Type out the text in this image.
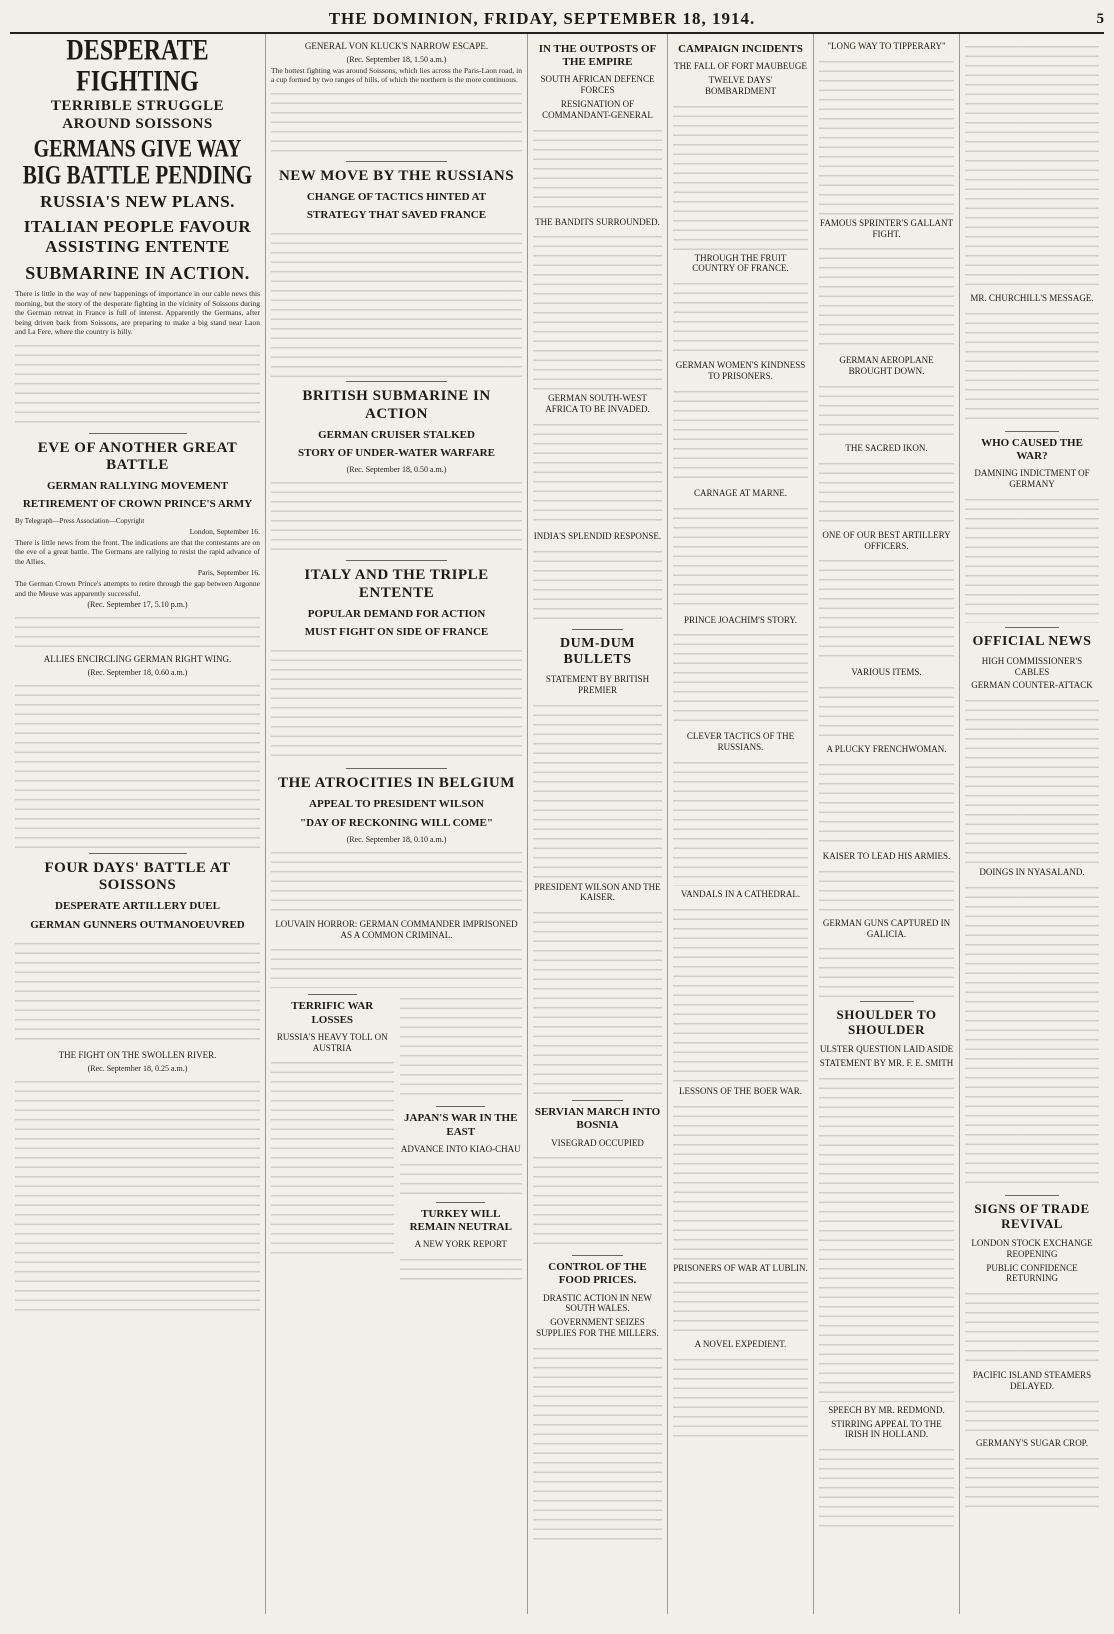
THE DOMINION, FRIDAY, SEPTEMBER 18, 1914.	5
DESPERATE FIGHTING
TERRIBLE STRUGGLE AROUND SOISSONS
GERMANS GIVE WAY
BIG BATTLE PENDING
RUSSIA'S NEW PLANS.
ITALIAN PEOPLE FAVOUR ASSISTING ENTENTE
SUBMARINE IN ACTION.
There is little in the way of new happenings of importance in our cable news this morning, but the story of the desperate fighting in the vicinity of Soissons during the German retreat in France is full of interest. Apparently the Germans, after being driven back from Soissons, are preparing to make a big stand near Laon and La Fere, where the country is hilly.
EVE OF ANOTHER GREAT BATTLE
GERMAN RALLYING MOVEMENT
RETIREMENT OF CROWN PRINCE'S ARMY
By Telegraph—Press Association—Copyright
London, September 16.
There is little news from the front. The indications are that the contestants are on the eve of a great battle. The Germans are rallying to resist the rapid advance of the Allies.
Paris, September 16.
The German Crown Prince's attempts to retire through the gap between Argonne and the Meuse was apparently successful.
(Rec. September 17, 5.10 p.m.)
ALLIES ENCIRCLING GERMAN RIGHT WING.
(Rec. September 18, 0.60 a.m.)
FOUR DAYS' BATTLE AT SOISSONS
DESPERATE ARTILLERY DUEL
GERMAN GUNNERS OUTMANOEUVRED
THE FIGHT ON THE SWOLLEN RIVER.
(Rec. September 18, 0.25 a.m.)
GENERAL VON KLUCK'S NARROW ESCAPE.
(Rec. September 18, 1.50 a.m.)
The hottest fighting was around Soissons, which lies across the Paris-Laon road, in a cup formed by two ranges of hills, of which the northern is the more continuous.
NEW MOVE BY THE RUSSIANS
CHANGE OF TACTICS HINTED AT
STRATEGY THAT SAVED FRANCE
BRITISH SUBMARINE IN ACTION
GERMAN CRUISER STALKED
STORY OF UNDER-WATER WARFARE
(Rec. September 18, 0.50 a.m.)
ITALY AND THE TRIPLE ENTENTE
POPULAR DEMAND FOR ACTION
MUST FIGHT ON SIDE OF FRANCE
THE ATROCITIES IN BELGIUM
APPEAL TO PRESIDENT WILSON
"DAY OF RECKONING WILL COME"
(Rec. September 18, 0.10 a.m.)
LOUVAIN HORROR: GERMAN COMMANDER IMPRISONED AS A COMMON CRIMINAL.
TERRIFIC WAR LOSSES
RUSSIA'S HEAVY TOLL ON AUSTRIA
JAPAN'S WAR IN THE EAST
ADVANCE INTO KIAO-CHAU
TURKEY WILL REMAIN NEUTRAL
A NEW YORK REPORT
IN THE OUTPOSTS OF THE EMPIRE
SOUTH AFRICAN DEFENCE FORCES
RESIGNATION OF COMMANDANT-GENERAL
THE BANDITS SURROUNDED.
GERMAN SOUTH-WEST AFRICA TO BE INVADED.
INDIA'S SPLENDID RESPONSE.
DUM-DUM BULLETS
STATEMENT BY BRITISH PREMIER
PRESIDENT WILSON AND THE KAISER.
SERVIAN MARCH INTO BOSNIA
VISEGRAD OCCUPIED
CONTROL OF THE FOOD PRICES.
DRASTIC ACTION IN NEW SOUTH WALES.
GOVERNMENT SEIZES SUPPLIES FOR THE MILLERS.
CAMPAIGN INCIDENTS
THE FALL OF FORT MAUBEUGE
TWELVE DAYS' BOMBARDMENT
THROUGH THE FRUIT COUNTRY OF FRANCE.
GERMAN WOMEN'S KINDNESS TO PRISONERS.
CARNAGE AT MARNE.
PRINCE JOACHIM'S STORY.
CLEVER TACTICS OF THE RUSSIANS.
VANDALS IN A CATHEDRAL.
LESSONS OF THE BOER WAR.
PRISONERS OF WAR AT LUBLIN.
A NOVEL EXPEDIENT.
"LONG WAY TO TIPPERARY"
FAMOUS SPRINTER'S GALLANT FIGHT.
GERMAN AEROPLANE BROUGHT DOWN.
THE SACRED IKON.
ONE OF OUR BEST ARTILLERY OFFICERS.
VARIOUS ITEMS.
A PLUCKY FRENCHWOMAN.
KAISER TO LEAD HIS ARMIES.
GERMAN GUNS CAPTURED IN GALICIA.
SHOULDER TO SHOULDER
ULSTER QUESTION LAID ASIDE
STATEMENT BY MR. F. E. SMITH
SPEECH BY MR. REDMOND.
STIRRING APPEAL TO THE IRISH IN HOLLAND.
MR. CHURCHILL'S MESSAGE.
WHO CAUSED THE WAR?
DAMNING INDICTMENT OF GERMANY
OFFICIAL NEWS
HIGH COMMISSIONER'S CABLES
GERMAN COUNTER-ATTACK
DOINGS IN NYASALAND.
SIGNS OF TRADE REVIVAL
LONDON STOCK EXCHANGE REOPENING
PUBLIC CONFIDENCE RETURNING
PACIFIC ISLAND STEAMERS DELAYED.
GERMANY'S SUGAR CROP.
